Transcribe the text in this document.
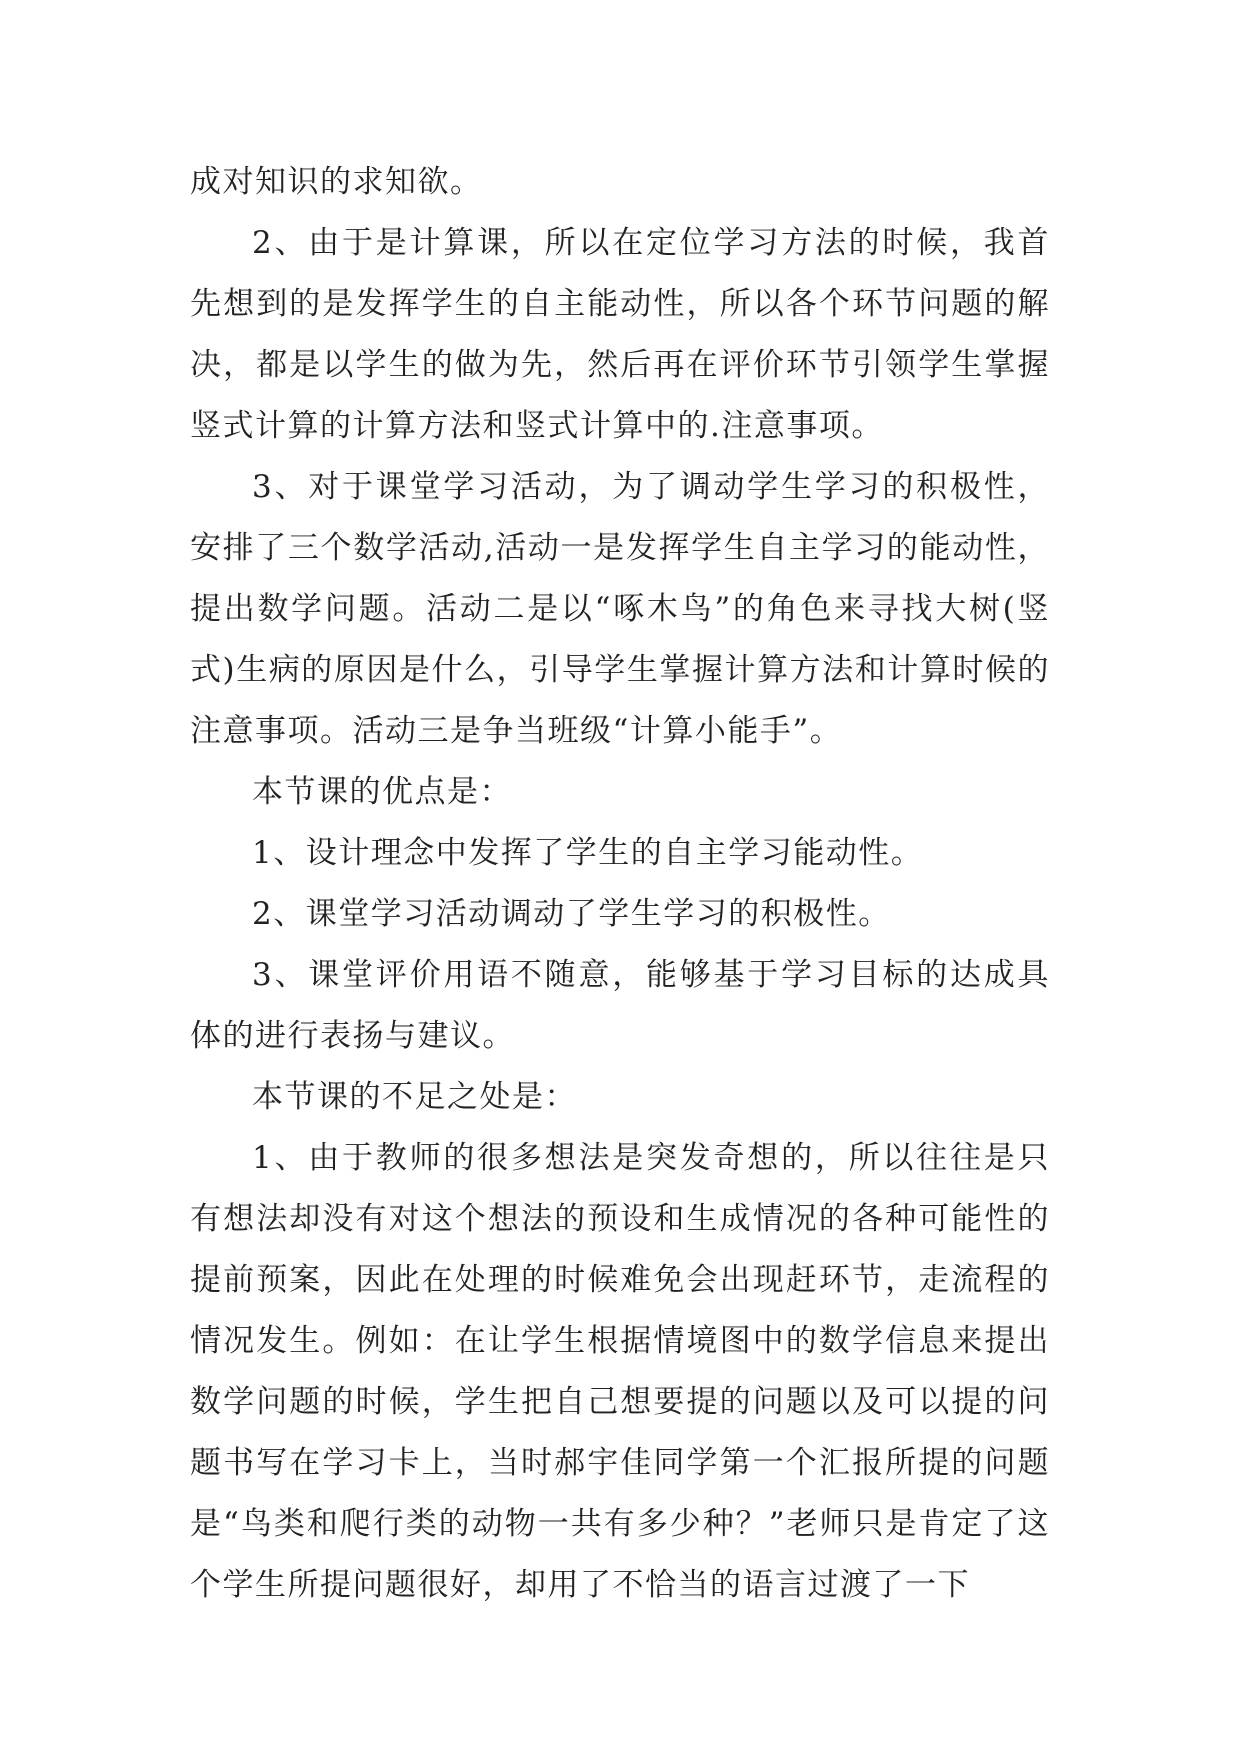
成对知识的求知欲。

2、由于是计算课，所以在定位学习方法的时候，我首先想到的是发挥学生的自主能动性，所以各个环节问题的解决，都是以学生的做为先，然后再在评价环节引领学生掌握竖式计算的计算方法和竖式计算中的.注意事项。

3、对于课堂学习活动，为了调动学生学习的积极性，安排了三个数学活动,活动一是发挥学生自主学习的能动性，提出数学问题。活动二是以“啄木鸟”的角色来寻找大树(竖式)生病的原因是什么，引导学生掌握计算方法和计算时候的注意事项。活动三是争当班级“计算小能手”。

本节课的优点是：

1、设计理念中发挥了学生的自主学习能动性。

2、课堂学习活动调动了学生学习的积极性。

3、课堂评价用语不随意，能够基于学习目标的达成具体的进行表扬与建议。

本节课的不足之处是：

1、由于教师的很多想法是突发奇想的，所以往往是只有想法却没有对这个想法的预设和生成情况的各种可能性的提前预案，因此在处理的时候难免会出现赶环节，走流程的情况发生。例如：在让学生根据情境图中的数学信息来提出数学问题的时候，学生把自己想要提的问题以及可以提的问题书写在学习卡上，当时郝宇佳同学第一个汇报所提的问题是“鸟类和爬行类的动物一共有多少种？”老师只是肯定了这个学生所提问题很好，却用了不恰当的语言过渡了一下
